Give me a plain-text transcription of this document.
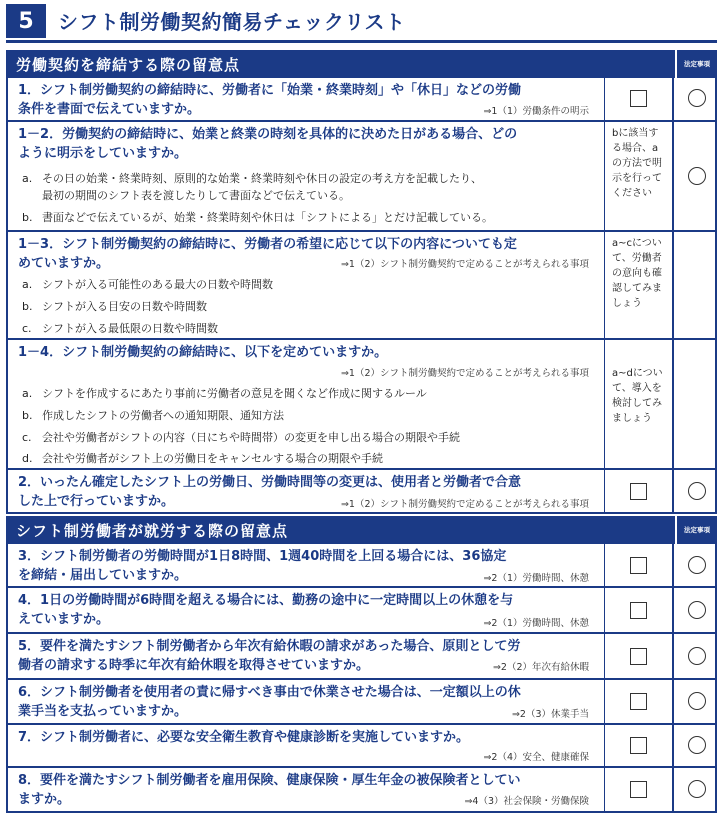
5	シフト制労働契約簡易チェックリスト
労働契約を締結する際の留意点	法定事項
1．シフト制労働契約の締結時に、労働者に「始業・終業時刻」や「休日」などの労働
条件を書面で伝えていますか。	⇒1（1）労働条件の明示
1－2．労働契約の締結時に、始業と終業の時刻を具体的に決めた日がある場合、どの
ように明示をしていますか。
a. その日の始業・終業時刻、原則的な始業・終業時刻や休日の設定の考え方を記載したり、
最初の期間のシフト表を渡したりして書面などで伝えている。
b. 書面などで伝えているが、始業・終業時刻や休日は「シフトによる」とだけ記載している。
bに該当する場合、aの方法で明示を行ってください
1－3．シフト制労働契約の締結時に、労働者の希望に応じて以下の内容についても定
めていますか。	⇒1（2）シフト制労働契約で定めることが考えられる事項
a. シフトが入る可能性のある最大の日数や時間数
b. シフトが入る目安の日数や時間数
c. シフトが入る最低限の日数や時間数
a~cについて、労働者の意向も確認してみましょう
1－4．シフト制労働契約の締結時に、以下を定めていますか。
⇒1（2）シフト制労働契約で定めることが考えられる事項
a. シフトを作成するにあたり事前に労働者の意見を聞くなど作成に関するルール
b. 作成したシフトの労働者への通知期限、通知方法
c. 会社や労働者がシフトの内容（日にちや時間帯）の変更を申し出る場合の期限や手続
d. 会社や労働者がシフト上の労働日をキャンセルする場合の期限や手続
a~dについて、導入を検討してみましょう
2．いったん確定したシフト上の労働日、労働時間等の変更は、使用者と労働者で合意
した上で行っていますか。	⇒1（2）シフト制労働契約で定めることが考えられる事項
シフト制労働者が就労する際の留意点	法定事項
3．シフト制労働者の労働時間が1日8時間、1週40時間を上回る場合には、36協定
を締結・届出していますか。	⇒2（1）労働時間、休憩
4．1日の労働時間が6時間を超える場合には、勤務の途中に一定時間以上の休憩を与
えていますか。	⇒2（1）労働時間、休憩
5．要件を満たすシフト制労働者から年次有給休暇の請求があった場合、原則として労
働者の請求する時季に年次有給休暇を取得させていますか。	⇒2（2）年次有給休暇
6．シフト制労働者を使用者の責に帰すべき事由で休業させた場合は、一定額以上の休
業手当を支払っていますか。	⇒2（3）休業手当
7．シフト制労働者に、必要な安全衛生教育や健康診断を実施していますか。
⇒2（4）安全、健康確保
8．要件を満たすシフト制労働者を雇用保険、健康保険・厚生年金の被保険者としてい
ますか。	⇒4（3）社会保険・労働保険
